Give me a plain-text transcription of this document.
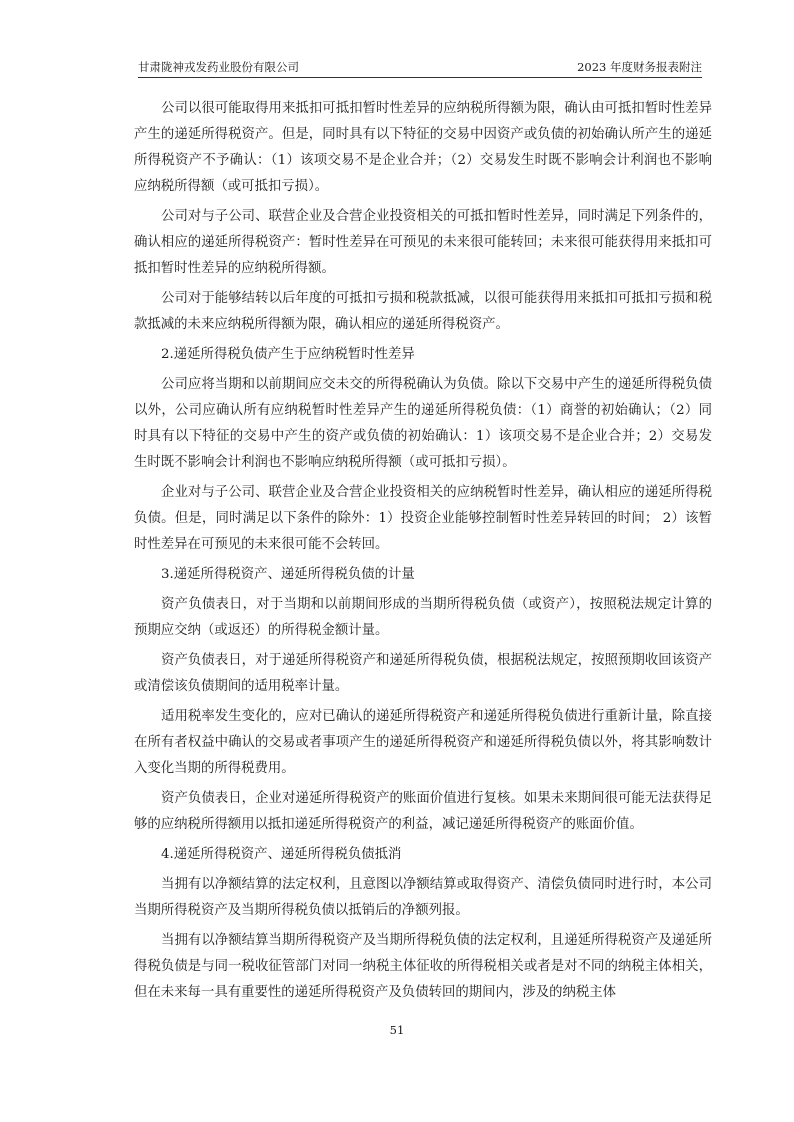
甘肃陇神戎发药业股份有限公司	2023 年度财务报表附注

公司以很可能取得用来抵扣可抵扣暂时性差异的应纳税所得额为限，确认由可抵扣暂时性差异产生的递延所得税资产。但是，同时具有以下特征的交易中因资产或负债的初始确认所产生的递延所得税资产不予确认：（1）该项交易不是企业合并；（2）交易发生时既不影响会计利润也不影响应纳税所得额（或可抵扣亏损）。

公司对与子公司、联营企业及合营企业投资相关的可抵扣暂时性差异，同时满足下列条件的，确认相应的递延所得税资产：暂时性差异在可预见的未来很可能转回；未来很可能获得用来抵扣可抵扣暂时性差异的应纳税所得额。

公司对于能够结转以后年度的可抵扣亏损和税款抵减，以很可能获得用来抵扣可抵扣亏损和税款抵减的未来应纳税所得额为限，确认相应的递延所得税资产。

2.递延所得税负债产生于应纳税暂时性差异

公司应将当期和以前期间应交未交的所得税确认为负债。除以下交易中产生的递延所得税负债以外，公司应确认所有应纳税暂时性差异产生的递延所得税负债：（1）商誉的初始确认；（2）同时具有以下特征的交易中产生的资产或负债的初始确认：1）该项交易不是企业合并；2）交易发生时既不影响会计利润也不影响应纳税所得额（或可抵扣亏损）。

企业对与子公司、联营企业及合营企业投资相关的应纳税暂时性差异，确认相应的递延所得税负债。但是，同时满足以下条件的除外：1）投资企业能够控制暂时性差异转回的时间； 2）该暂时性差异在可预见的未来很可能不会转回。

3.递延所得税资产、递延所得税负债的计量

资产负债表日，对于当期和以前期间形成的当期所得税负债（或资产），按照税法规定计算的预期应交纳（或返还）的所得税金额计量。

资产负债表日，对于递延所得税资产和递延所得税负债，根据税法规定，按照预期收回该资产或清偿该负债期间的适用税率计量。

适用税率发生变化的，应对已确认的递延所得税资产和递延所得税负债进行重新计量，除直接在所有者权益中确认的交易或者事项产生的递延所得税资产和递延所得税负债以外，将其影响数计入变化当期的所得税费用。

资产负债表日，企业对递延所得税资产的账面价值进行复核。如果未来期间很可能无法获得足够的应纳税所得额用以抵扣递延所得税资产的利益，减记递延所得税资产的账面价值。

4.递延所得税资产、递延所得税负债抵消

当拥有以净额结算的法定权利，且意图以净额结算或取得资产、清偿负债同时进行时，本公司当期所得税资产及当期所得税负债以抵销后的净额列报。

当拥有以净额结算当期所得税资产及当期所得税负债的法定权利，且递延所得税资产及递延所得税负债是与同一税收征管部门对同一纳税主体征收的所得税相关或者是对不同的纳税主体相关，但在未来每一具有重要性的递延所得税资产及负债转回的期间内，涉及的纳税主体

51
